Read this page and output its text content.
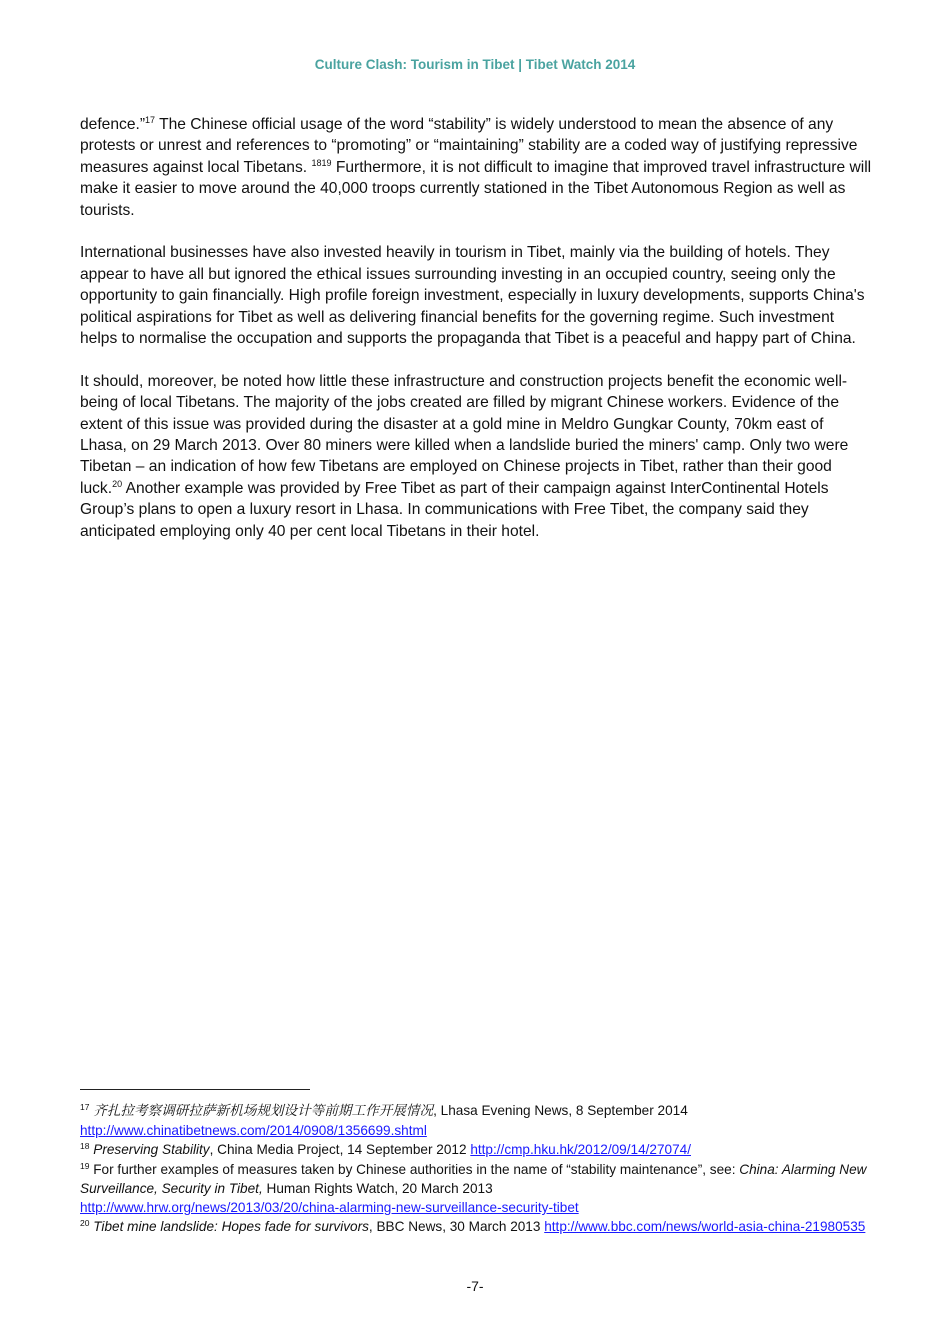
Culture Clash: Tourism in Tibet | Tibet Watch 2014

defence.”$^{17}$ The Chinese official usage of the word “stability” is widely understood to mean the absence of any protests or unrest and references to “promoting” or “maintaining” stability are a coded way of justifying repressive measures against local Tibetans. $^{1819}$ Furthermore, it is not difficult to imagine that improved travel infrastructure will make it easier to move around the 40,000 troops currently stationed in the Tibet Autonomous Region as well as tourists.

International businesses have also invested heavily in tourism in Tibet, mainly via the building of hotels. They appear to have all but ignored the ethical issues surrounding investing in an occupied country, seeing only the opportunity to gain financially. High profile foreign investment, especially in luxury developments, supports China's political aspirations for Tibet as well as delivering financial benefits for the governing regime. Such investment helps to normalise the occupation and supports the propaganda that Tibet is a peaceful and happy part of China.

It should, moreover, be noted how little these infrastructure and construction projects benefit the economic well-being of local Tibetans. The majority of the jobs created are filled by migrant Chinese workers. Evidence of the extent of this issue was provided during the disaster at a gold mine in Meldro Gungkar County, 70km east of Lhasa, on 29 March 2013. Over 80 miners were killed when a landslide buried the miners' camp. Only two were Tibetan – an indication of how few Tibetans are employed on Chinese projects in Tibet, rather than their good luck.$^{20}$ Another example was provided by Free Tibet as part of their campaign against InterContinental Hotels Group’s plans to open a luxury resort in Lhasa. In communications with Free Tibet, the company said they anticipated employing only 40 per cent local Tibetans in their hotel.

$^{17}$ 齐扎拉考察调研拉萨新机场规划设计等前期工作开展情况, Lhasa Evening News, 8 September 2014
http://www.chinatibetnews.com/2014/0908/1356699.shtml

$^{18}$ Preserving Stability, China Media Project, 14 September 2012 http://cmp.hku.hk/2012/09/14/27074/

$^{19}$ For further examples of measures taken by Chinese authorities in the name of “stability maintenance”, see: China: Alarming New Surveillance, Security in Tibet, Human Rights Watch, 20 March 2013
http://www.hrw.org/news/2013/03/20/china-alarming-new-surveillance-security-tibet

$^{20}$ Tibet mine landslide: Hopes fade for survivors, BBC News, 30 March 2013 http://www.bbc.com/news/world-asia-china-21980535

-7-
